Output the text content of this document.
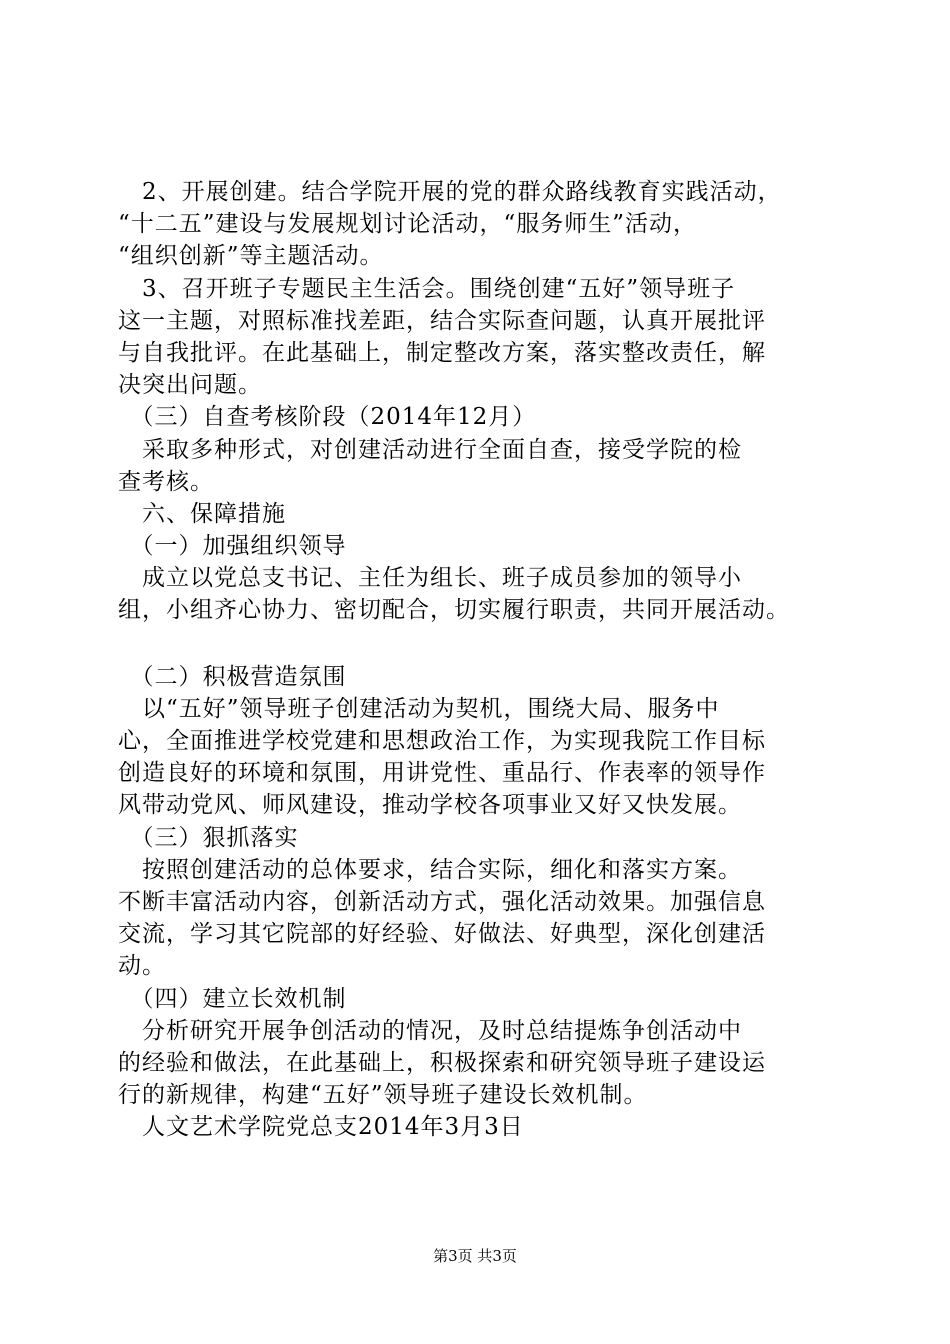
　2、开展创建。结合学院开展的党的群众路线教育实践活动，
“十二五”建设与发展规划讨论活动，“服务师生”活动，
“组织创新”等主题活动。
　3、召开班子专题民主生活会。围绕创建“五好”领导班子
这一主题，对照标准找差距，结合实际查问题，认真开展批评
与自我批评。在此基础上，制定整改方案，落实整改责任，解
决突出问题。
　（三）自查考核阶段（2014年12月）
　采取多种形式，对创建活动进行全面自查，接受学院的检
查考核。
　六、保障措施
　（一）加强组织领导
　成立以党总支书记、主任为组长、班子成员参加的领导小
组，小组齐心协力、密切配合，切实履行职责，共同开展活动。
　（二）积极营造氛围
　以“五好”领导班子创建活动为契机，围绕大局、服务中
心，全面推进学校党建和思想政治工作，为实现我院工作目标
创造良好的环境和氛围，用讲党性、重品行、作表率的领导作
风带动党风、师风建设，推动学校各项事业又好又快发展。
　（三）狠抓落实
　按照创建活动的总体要求，结合实际，细化和落实方案。
不断丰富活动内容，创新活动方式，强化活动效果。加强信息
交流，学习其它院部的好经验、好做法、好典型，深化创建活
动。
　（四）建立长效机制
　分析研究开展争创活动的情况，及时总结提炼争创活动中
的经验和做法，在此基础上，积极探索和研究领导班子建设运
行的新规律，构建“五好”领导班子建设长效机制。
　人文艺术学院党总支2014年3月3日
第3页 共3页
